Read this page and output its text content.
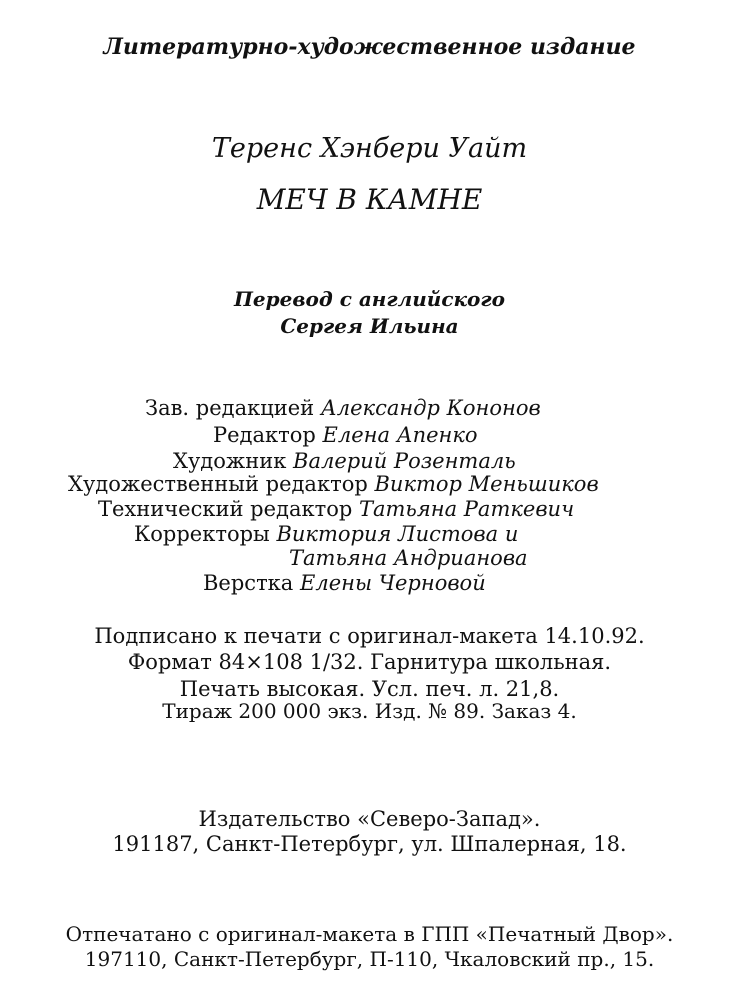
Литературно-художественное издание
Теренс Хэнбери Уайт
МЕЧ В КАМНЕ
Перевод с английского
Сергея Ильина
Зав. редакцией Александр Кононов
Редактор Елена Апенко
Художник Валерий Розенталь
Художественный редактор Виктор Меньшиков
Технический редактор Татьяна Раткевич
Корректоры Виктория Листова и
Татьяна Андрианова
Верстка Елены Черновой
Подписано к печати с оригинал-макета 14.10.92.
Формат 84×108 1/32. Гарнитура школьная.
Печать высокая. Усл. печ. л. 21,8.
Тираж 200 000 экз. Изд. № 89. Заказ 4.
Издательство «Северо-Запад».
191187, Санкт-Петербург, ул. Шпалерная, 18.
Отпечатано с оригинал-макета в ГПП «Печатный Двор».
197110, Санкт-Петербург, П-110, Чкаловский пр., 15.
